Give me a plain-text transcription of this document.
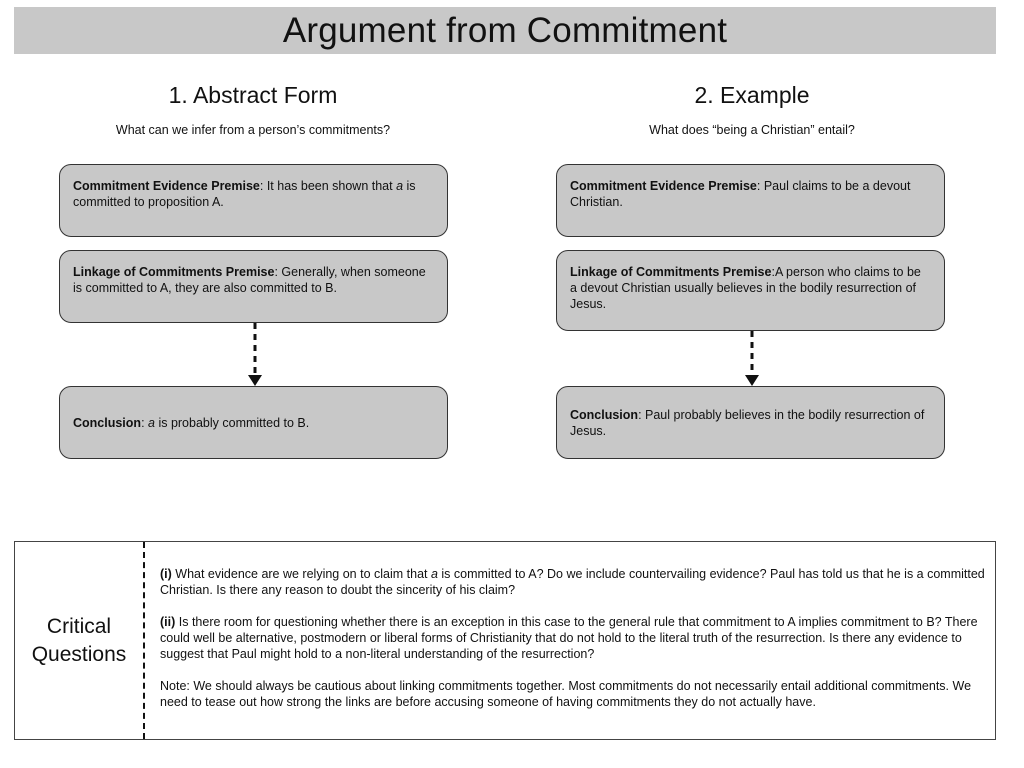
Argument from Commitment
1. Abstract Form
What can we infer from a person’s commitments?
Commitment Evidence Premise: It has been shown that a is committed to proposition A.
Linkage of Commitments Premise: Generally, when someone is committed to A, they are also committed to B.
Conclusion: a is probably committed to B.
2. Example
What does “being a Christian” entail?
Commitment Evidence Premise: Paul claims to be a devout Christian.
Linkage of Commitments Premise:A person who claims to be a devout Christian usually believes in the bodily resurrection of Jesus.
Conclusion: Paul probably believes in the bodily resurrection of Jesus.
Critical
Questions

(i) What evidence are we relying on to claim that a is committed to A? Do we include countervailing evidence? Paul has told us that he is a committed Christian. Is there any reason to doubt the sincerity of his claim?

(ii) Is there room for questioning whether there is an exception in this case to the general rule that commitment to A implies commitment to B? There could well be alternative, postmodern or liberal forms of Christianity that do not hold to the literal truth of the resurrection. Is there any evidence to suggest that Paul might hold to a non-literal understanding of the resurrection?

Note: We should always be cautious about linking commitments together. Most commitments do not necessarily entail additional commitments. We need to tease out how strong the links are before accusing someone of having commitments they do not actually have.
